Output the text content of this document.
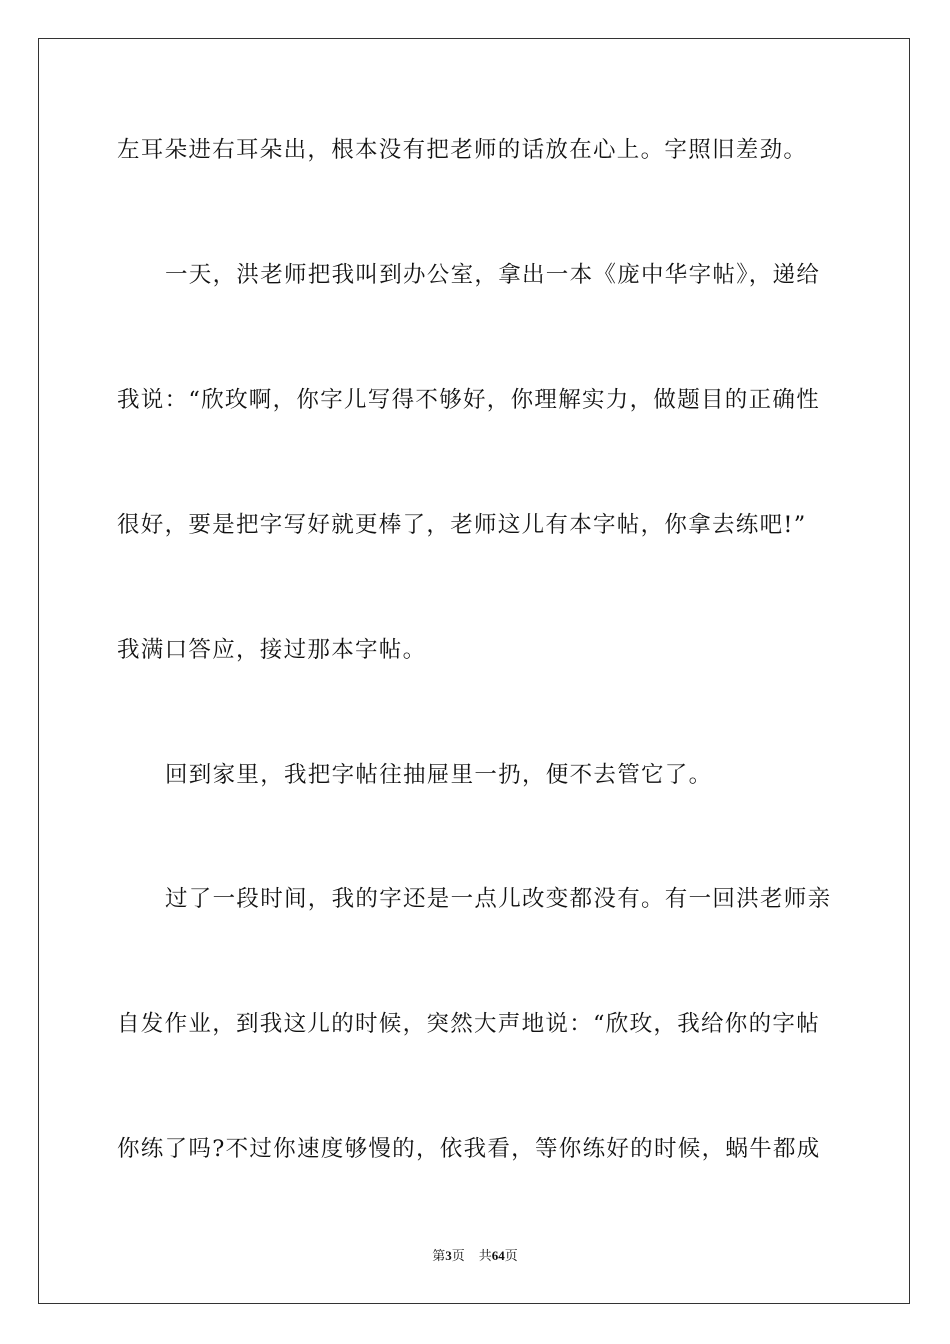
左耳朵进右耳朵出，根本没有把老师的话放在心上。字照旧差劲。
一天，洪老师把我叫到办公室，拿出一本《庞中华字帖》，递给
我说：“欣玫啊，你字儿写得不够好，你理解实力，做题目的正确性
很好，要是把字写好就更棒了，老师这儿有本字帖，你拿去练吧!”
我满口答应，接过那本字帖。
回到家里，我把字帖往抽屉里一扔，便不去管它了。
过了一段时间，我的字还是一点儿改变都没有。有一回洪老师亲
自发作业，到我这儿的时候，突然大声地说：“欣玫，我给你的字帖
你练了吗?不过你速度够慢的，依我看，等你练好的时候，蜗牛都成
第3页 共64页
